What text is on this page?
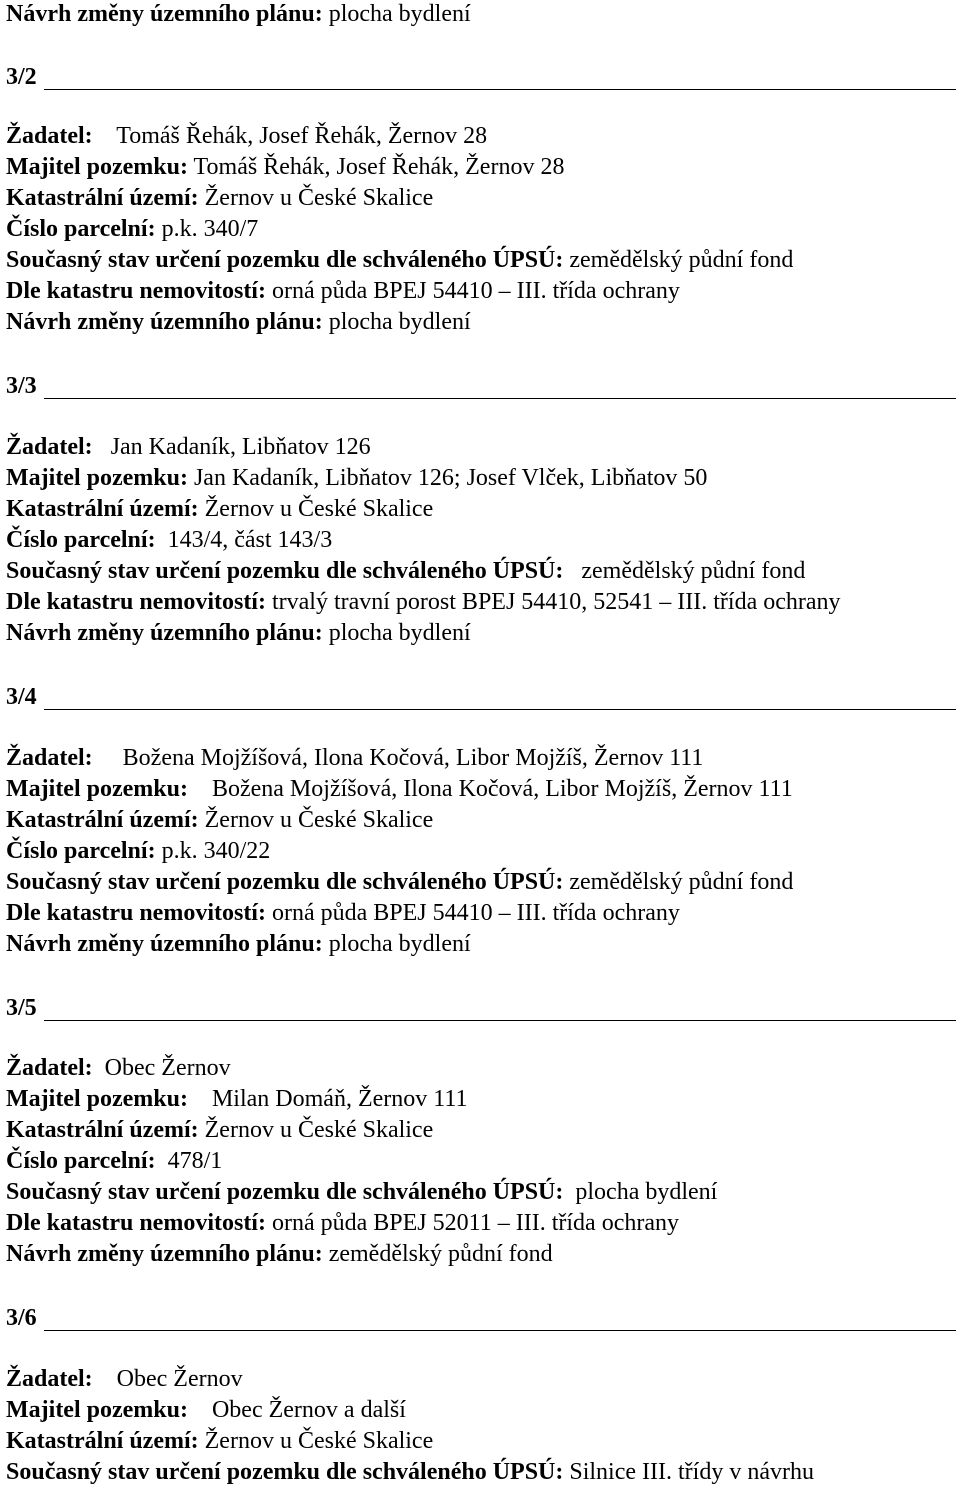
Návrh změny územního plánu: plocha bydlení
3/2
Žadatel: Tomáš Řehák, Josef Řehák, Žernov 28
Majitel pozemku: Tomáš Řehák, Josef Řehák, Žernov 28
Katastrální území: Žernov u České Skalice
Číslo parcelní: p.k. 340/7
Současný stav určení pozemku dle schváleného ÚPSÚ: zemědělský půdní fond
Dle katastru nemovitostí: orná půda BPEJ 54410 – III. třída ochrany
Návrh změny územního plánu: plocha bydlení
3/3
Žadatel: Jan Kadaník, Libňatov 126
Majitel pozemku: Jan Kadaník, Libňatov 126; Josef Vlček, Libňatov 50
Katastrální území: Žernov u České Skalice
Číslo parcelní: 143/4, část 143/3
Současný stav určení pozemku dle schváleného ÚPSÚ: zemědělský půdní fond
Dle katastru nemovitostí: trvalý travní porost BPEJ 54410, 52541 – III. třída ochrany
Návrh změny územního plánu: plocha bydlení
3/4
Žadatel: Božena Mojžíšová, Ilona Kočová, Libor Mojžíš, Žernov 111
Majitel pozemku: Božena Mojžíšová, Ilona Kočová, Libor Mojžíš, Žernov 111
Katastrální území: Žernov u České Skalice
Číslo parcelní: p.k. 340/22
Současný stav určení pozemku dle schváleného ÚPSÚ: zemědělský půdní fond
Dle katastru nemovitostí: orná půda BPEJ 54410 – III. třída ochrany
Návrh změny územního plánu: plocha bydlení
3/5
Žadatel: Obec Žernov
Majitel pozemku: Milan Domáň, Žernov 111
Katastrální území: Žernov u České Skalice
Číslo parcelní: 478/1
Současný stav určení pozemku dle schváleného ÚPSÚ: plocha bydlení
Dle katastru nemovitostí: orná půda BPEJ 52011 – III. třída ochrany
Návrh změny územního plánu: zemědělský půdní fond
3/6
Žadatel: Obec Žernov
Majitel pozemku: Obec Žernov a další
Katastrální území: Žernov u České Skalice
Současný stav určení pozemku dle schváleného ÚPSÚ: Silnice III. třídy v návrhu
